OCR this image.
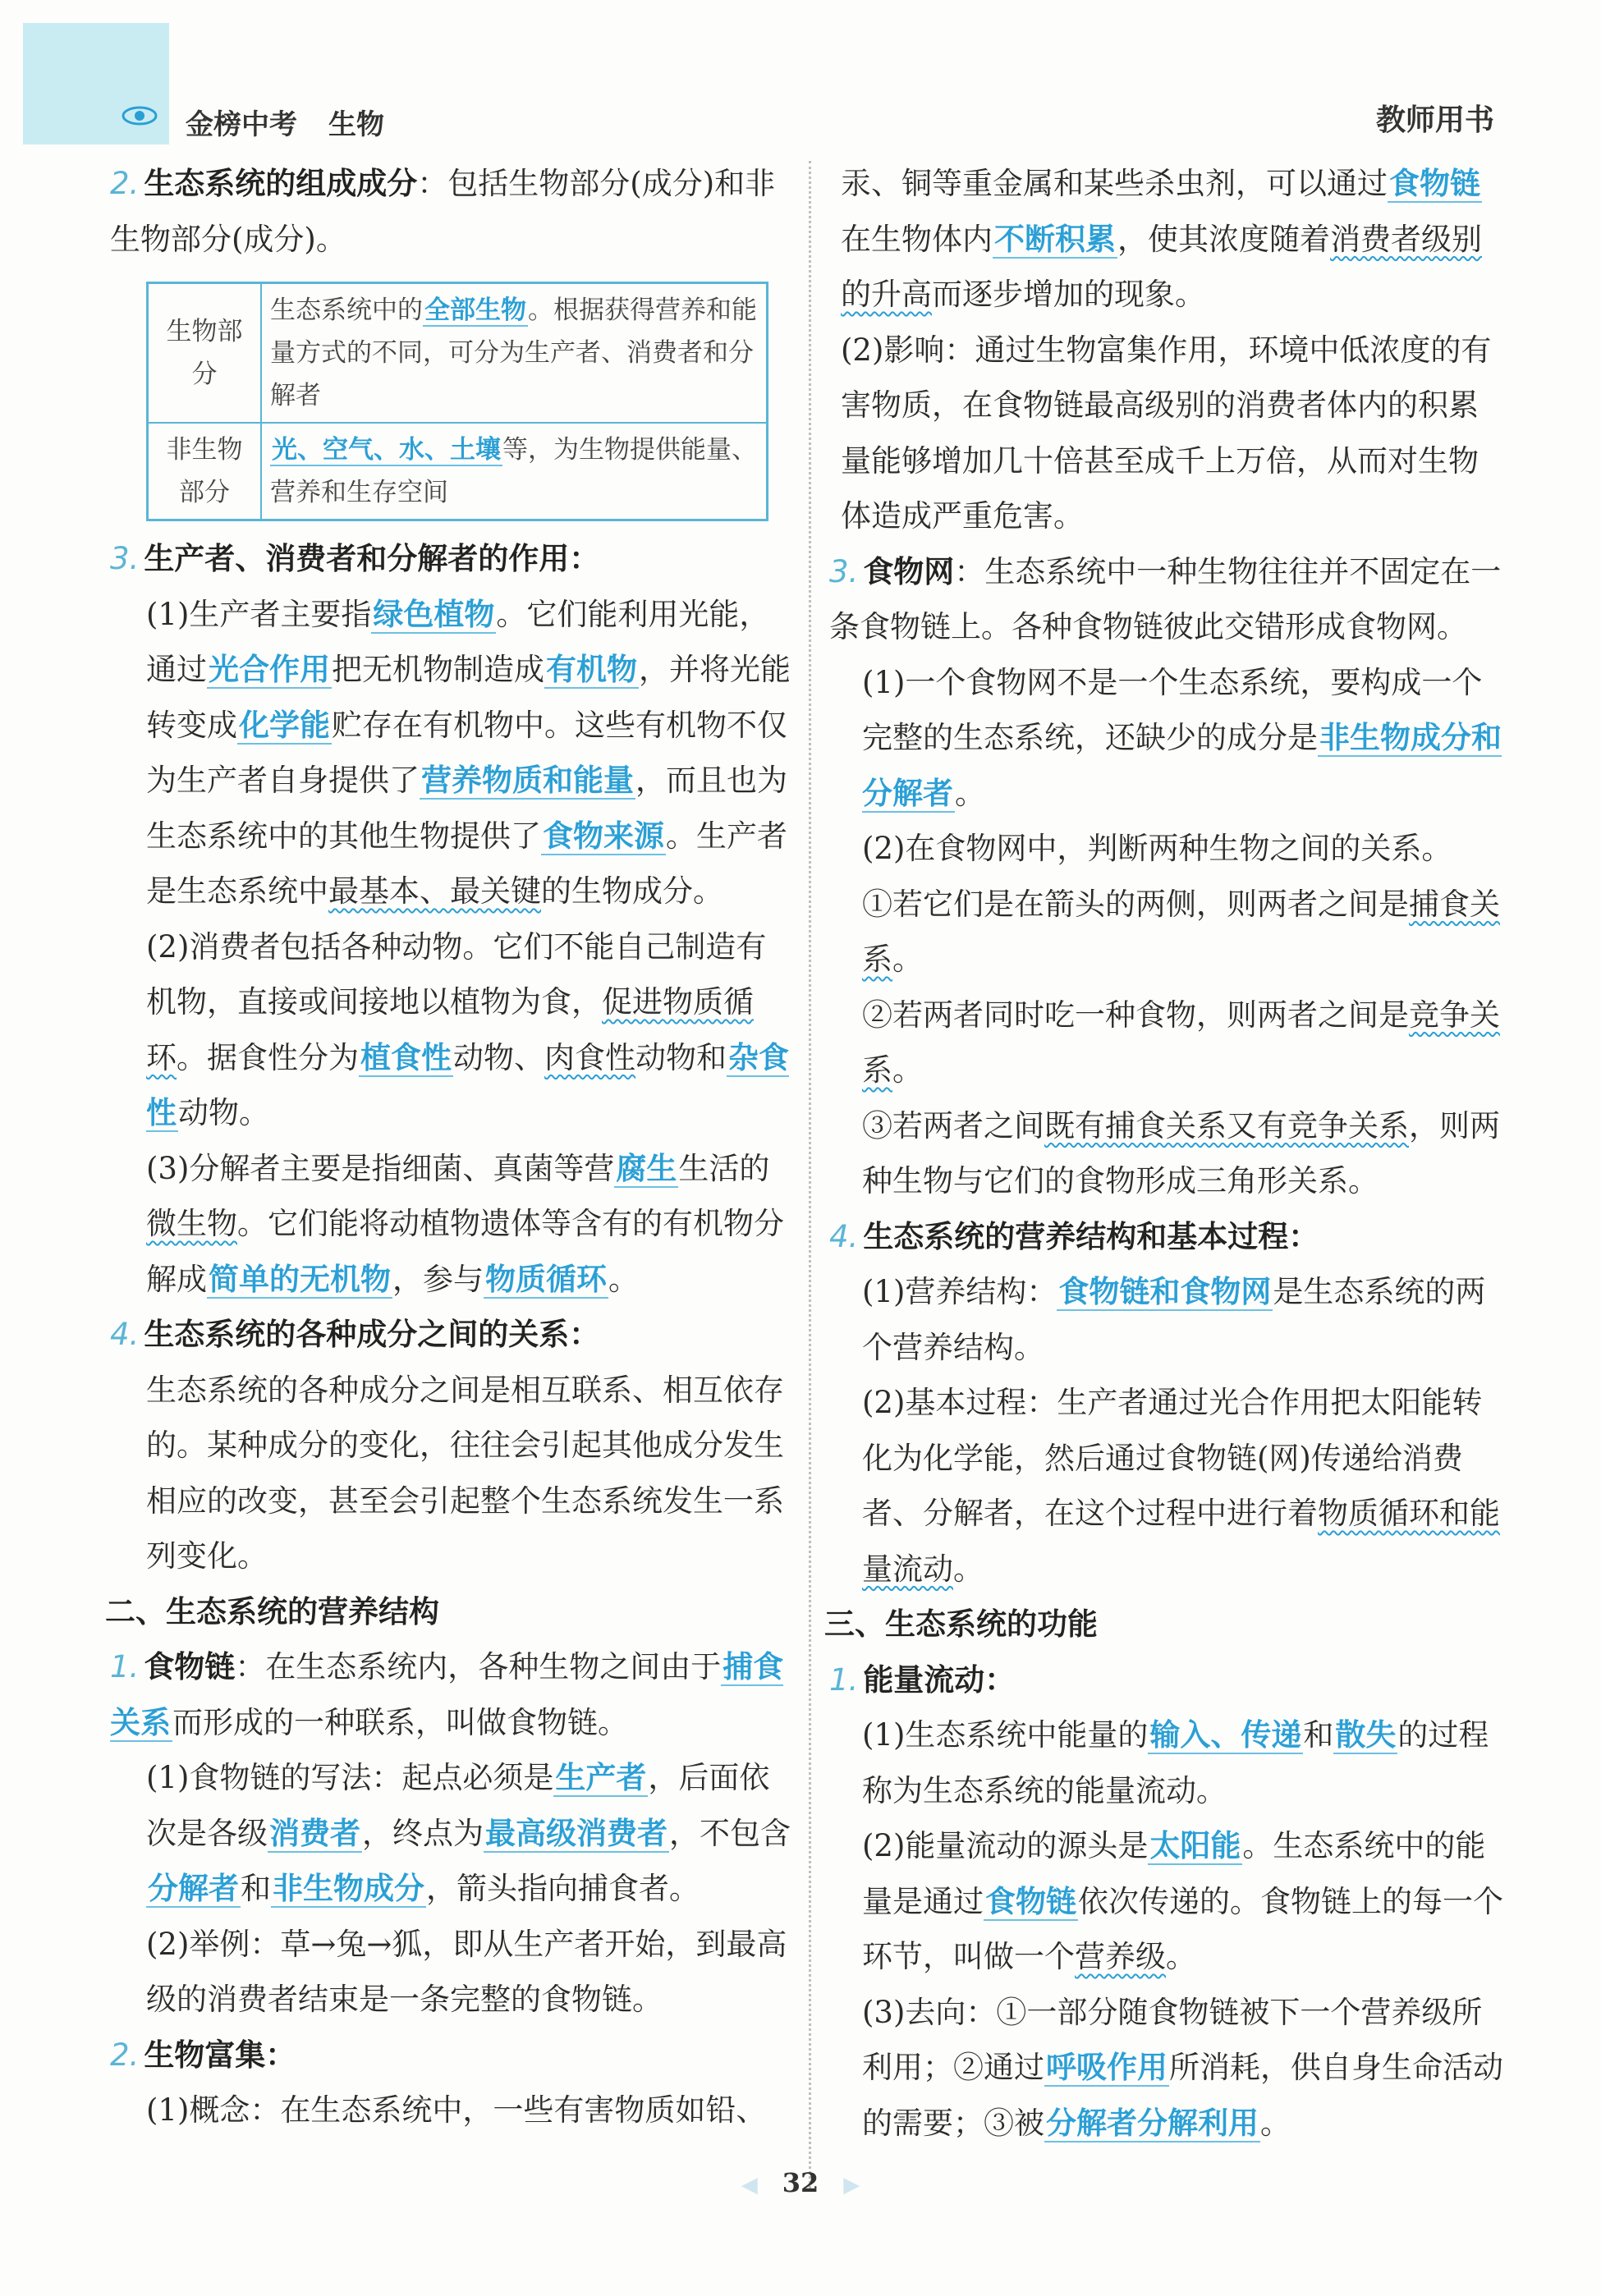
金榜中考 生物	教师用书

2. 生态系统的组成成分：包括生物部分(成分)和非生物部分(成分)。

生物部分	生态系统中的全部生物。根据获得营养和能量方式的不同，可分为生产者、消费者和分解者
非生物部分	光、空气、水、土壤等，为生物提供能量、营养和生存空间

3. 生产者、消费者和分解者的作用：

(1)生产者主要指绿色植物。它们能利用光能，通过光合作用把无机物制造成有机物，并将光能转变成化学能贮存在有机物中。这些有机物不仅为生产者自身提供了营养物质和能量，而且也为生态系统中的其他生物提供了食物来源。生产者是生态系统中最基本、最关键的生物成分。

(2)消费者包括各种动物。它们不能自己制造有机物，直接或间接地以植物为食，促进物质循环。据食性分为植食性动物、肉食性动物和杂食性动物。

(3)分解者主要是指细菌、真菌等营腐生生活的微生物。它们能将动植物遗体等含有的有机物分解成简单的无机物，参与物质循环。

4. 生态系统的各种成分之间的关系：

生态系统的各种成分之间是相互联系、相互依存的。某种成分的变化，往往会引起其他成分发生相应的改变，甚至会引起整个生态系统发生一系列变化。

二、生态系统的营养结构

1. 食物链：在生态系统内，各种生物之间由于捕食关系而形成的一种联系，叫做食物链。

(1)食物链的写法：起点必须是生产者，后面依次是各级消费者，终点为最高级消费者，不包含分解者和非生物成分，箭头指向捕食者。

(2)举例：草→兔→狐，即从生产者开始，到最高级的消费者结束是一条完整的食物链。

2. 生物富集：

(1)概念：在生态系统中，一些有害物质如铅、

汞、铜等重金属和某些杀虫剂，可以通过食物链在生物体内不断积累，使其浓度随着消费者级别的升高而逐步增加的现象。

(2)影响：通过生物富集作用，环境中低浓度的有害物质，在食物链最高级别的消费者体内的积累量能够增加几十倍甚至成千上万倍，从而对生物体造成严重危害。

3. 食物网：生态系统中一种生物往往并不固定在一条食物链上。各种食物链彼此交错形成食物网。

(1)一个食物网不是一个生态系统，要构成一个完整的生态系统，还缺少的成分是非生物成分和分解者。

(2)在食物网中，判断两种生物之间的关系。

①若它们是在箭头的两侧，则两者之间是捕食关系。

②若两者同时吃一种食物，则两者之间是竞争关系。

③若两者之间既有捕食关系又有竞争关系，则两种生物与它们的食物形成三角形关系。

4. 生态系统的营养结构和基本过程：

(1)营养结构：食物链和食物网是生态系统的两个营养结构。

(2)基本过程：生产者通过光合作用把太阳能转化为化学能，然后通过食物链(网)传递给消费者、分解者，在这个过程中进行着物质循环和能量流动。

三、生态系统的功能

1. 能量流动：

(1)生态系统中能量的输入、传递和散失的过程称为生态系统的能量流动。

(2)能量流动的源头是太阳能。生态系统中的能量是通过食物链依次传递的。食物链上的每一个环节，叫做一个营养级。

(3)去向：①一部分随食物链被下一个营养级所利用；②通过呼吸作用所消耗，供自身生命活动的需要；③被分解者分解利用。

◀ 32 ▶
